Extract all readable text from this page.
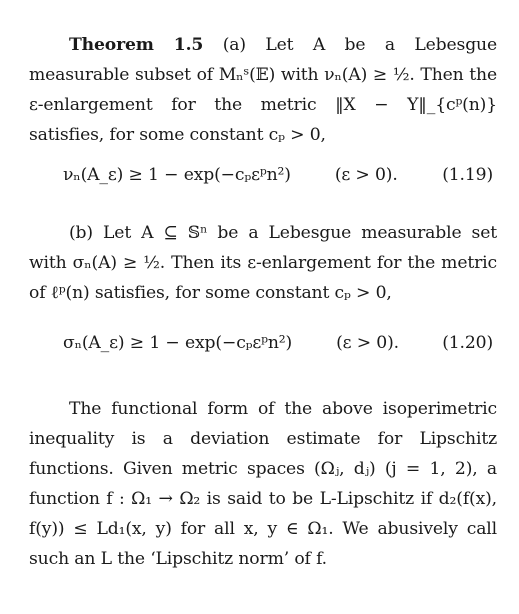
Theorem 1.5 (a) Let A be a Lebesgue measurable subset of Mₙˢ(𝔼) with νₙ(A) ≥ ½. Then the ε-enlargement for the metric ‖X − Y‖_{cᵖ(n)} satisfies, for some constant cₚ > 0,

νₙ(A_ε) ≥ 1 − exp(−cₚεᵖn²)	(ε > 0).	(1.19)

(b) Let A ⊆ 𝕊ⁿ be a Lebesgue measurable set with σₙ(A) ≥ ½. Then its ε-enlargement for the metric of ℓᵖ(n) satisfies, for some constant cₚ > 0,

σₙ(A_ε) ≥ 1 − exp(−cₚεᵖn²)	(ε > 0).	(1.20)

The functional form of the above isoperimetric inequality is a deviation estimate for Lipschitz functions. Given metric spaces (Ωⱼ, dⱼ) (j = 1, 2), a function f : Ω₁ → Ω₂ is said to be L-Lipschitz if d₂(f(x), f(y)) ≤ Ld₁(x, y) for all x, y ∈ Ω₁. We abusively call such an L the ‘Lipschitz norm’ of f.
